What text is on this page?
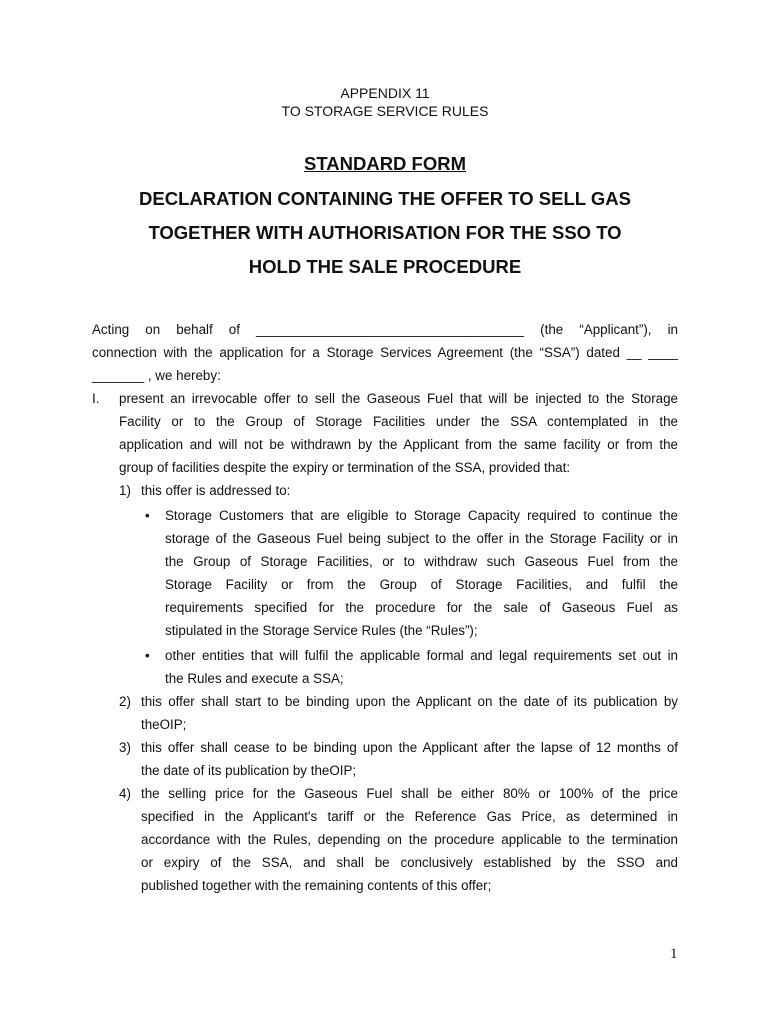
APPENDIX 11
TO STORAGE SERVICE RULES
STANDARD FORM
DECLARATION CONTAINING THE OFFER TO SELL GAS
TOGETHER WITH AUTHORISATION FOR THE SSO TO
HOLD THE SALE PROCEDURE
Acting on behalf of ____________________________________ (the “Applicant”), in
connection with the application for a Storage Services Agreement (the “SSA”) dated __ ____
_______ , we hereby:
I. present an irrevocable offer to sell the Gaseous Fuel that will be injected to the Storage
Facility or to the Group of Storage Facilities under the SSA contemplated in the
application and will not be withdrawn by the Applicant from the same facility or from the
group of facilities despite the expiry or termination of the SSA, provided that:
1) this offer is addressed to:
• Storage Customers that are eligible to Storage Capacity required to continue the
storage of the Gaseous Fuel being subject to the offer in the Storage Facility or in
the Group of Storage Facilities, or to withdraw such Gaseous Fuel from the
Storage Facility or from the Group of Storage Facilities, and fulfil the
requirements specified for the procedure for the sale of Gaseous Fuel as
stipulated in the Storage Service Rules (the “Rules”);
• other entities that will fulfil the applicable formal and legal requirements set out in
the Rules and execute a SSA;
2) this offer shall start to be binding upon the Applicant on the date of its publication by
theOIP;
3) this offer shall cease to be binding upon the Applicant after the lapse of 12 months of
the date of its publication by theOIP;
4) the selling price for the Gaseous Fuel shall be either 80% or 100% of the price
specified in the Applicant's tariff or the Reference Gas Price, as determined in
accordance with the Rules, depending on the procedure applicable to the termination
or expiry of the SSA, and shall be conclusively established by the SSO and
published together with the remaining contents of this offer;
1
